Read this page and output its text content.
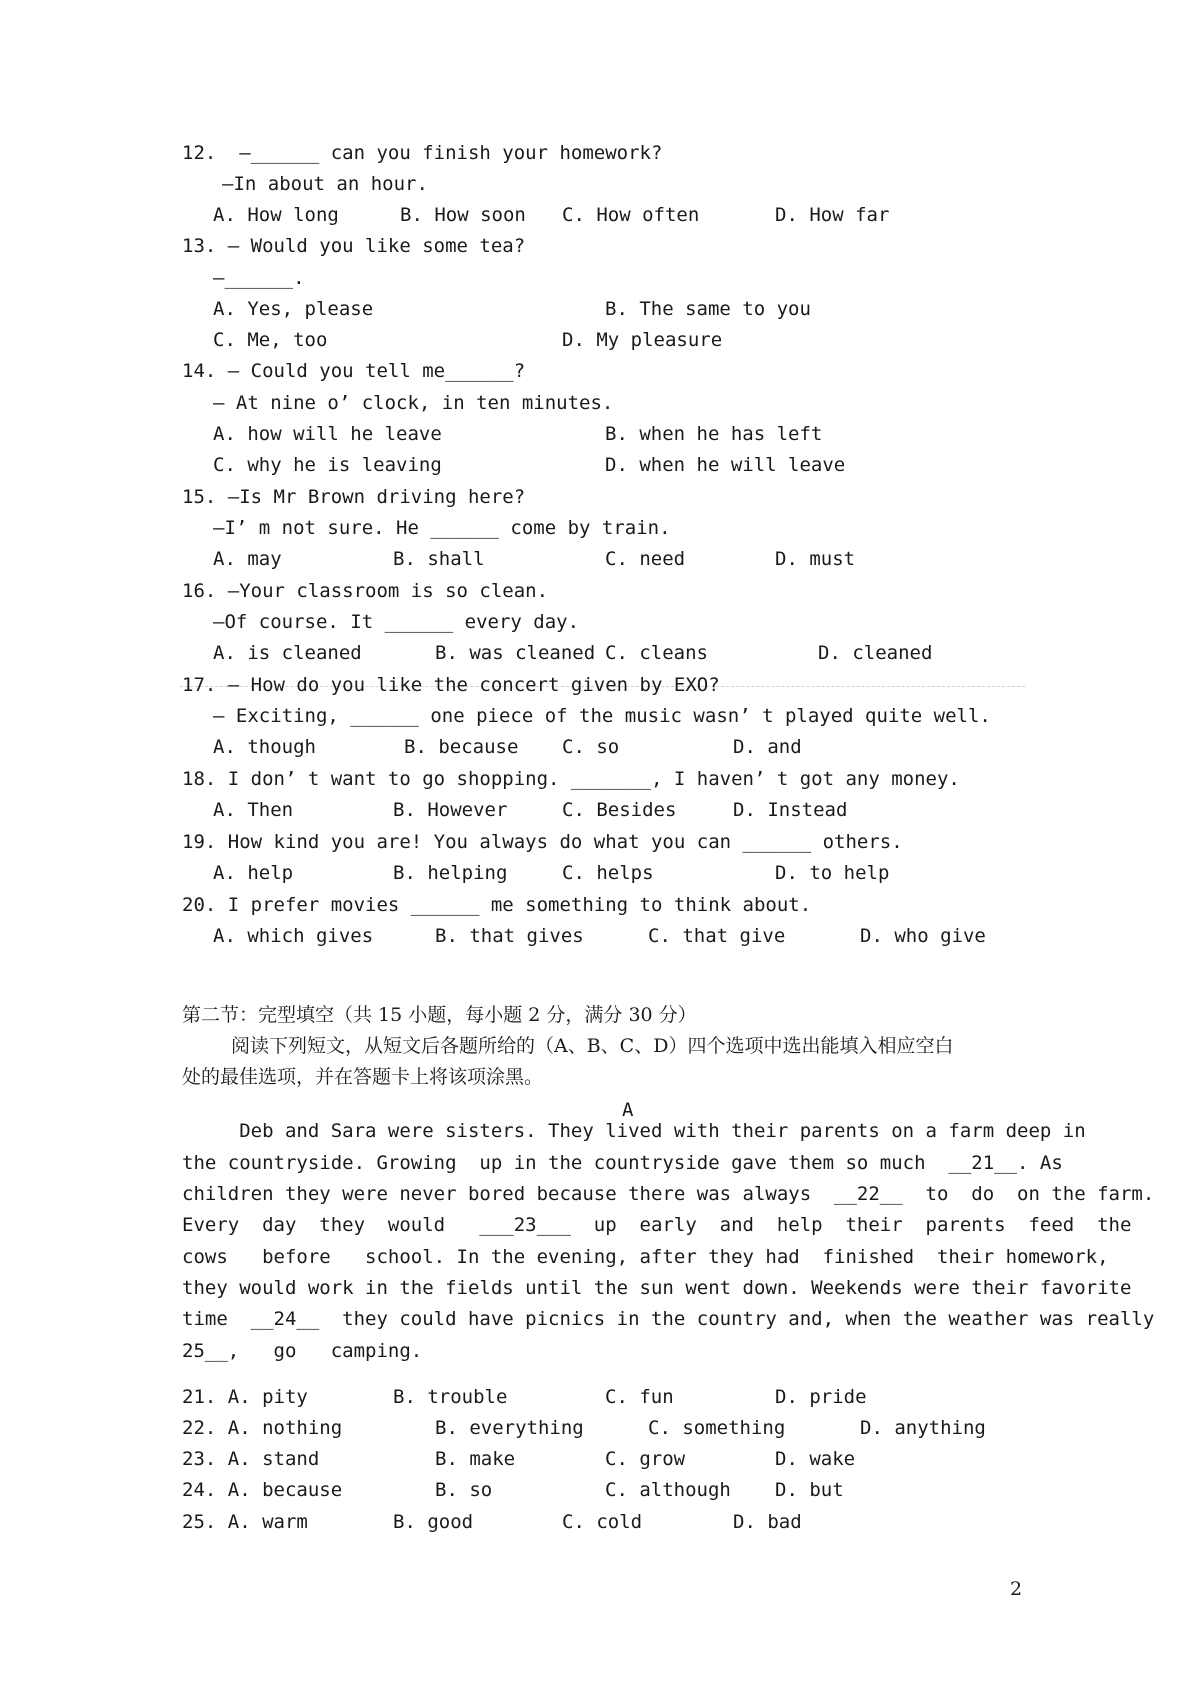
第二节：完型填空（共 15 小题，每小题 2 分，满分 30 分）
阅读下列短文，从短文后各题所给的（A、B、C、D）四个选项中选出能填入相应空白
处的最佳选项，并在答题卡上将该项涂黑。
A
2
12.  —______ can you finish your homework?
—In about an hour.
A. How long	B. How soon C. How often	D. How far
13. — Would you like some tea?
—______.
A. Yes, please	B. The same to you
C. Me, too	D. My pleasure
14. — Could you tell me______?
— At nine o’ clock, in ten minutes.
A. how will he leave	B. when he has left
C. why he is leaving	D. when he will leave
15. —Is Mr Brown driving here?
—I’ m not sure. He ______ come by train.
A. may	B. shall	C. need	D. must
16. —Your classroom is so clean.
—Of course. It ______ every day.
A. is cleaned	B. was cleaned C. cleans	D. cleaned
17. — How do you like the concert given by EXO?
— Exciting, ______ one piece of the music wasn’ t played quite well.
A. though	B. because C. so	D. and
18. I don’ t want to go shopping. _______, I haven’ t got any money.
A. Then	B. However	C. Besides	D. Instead
19. How kind you are! You always do what you can ______ others.
A. help	B. helping	C. helps	D. to help
20. I prefer movies ______ me something to think about.
A. which gives	B. that gives	C. that give	D. who give
Deb and Sara were sisters. They lived with their parents on a farm deep in
the countryside. Growing  up in the countryside gave them so much  __21__. As
children they were never bored because there was always  __22__  to  do  on the farm.
Every  day  they  would   ___23___  up  early  and  help  their  parents  feed  the
cows   before   school. In the evening, after they had  finished  their homework,
they would work in the fields until the sun went down. Weekends were their favorite
time  __24__  they could have picnics in the country and, when the weather was really
25__,   go   camping.
21. A. pity	B. trouble	C. fun	D. pride
22. A. nothing	B. everything	C. something	D. anything
23. A. stand	B. make	C. grow	D. wake
24. A. because	B. so	C. although D. but
25. A. warm	B. good	C. cold	D. bad
